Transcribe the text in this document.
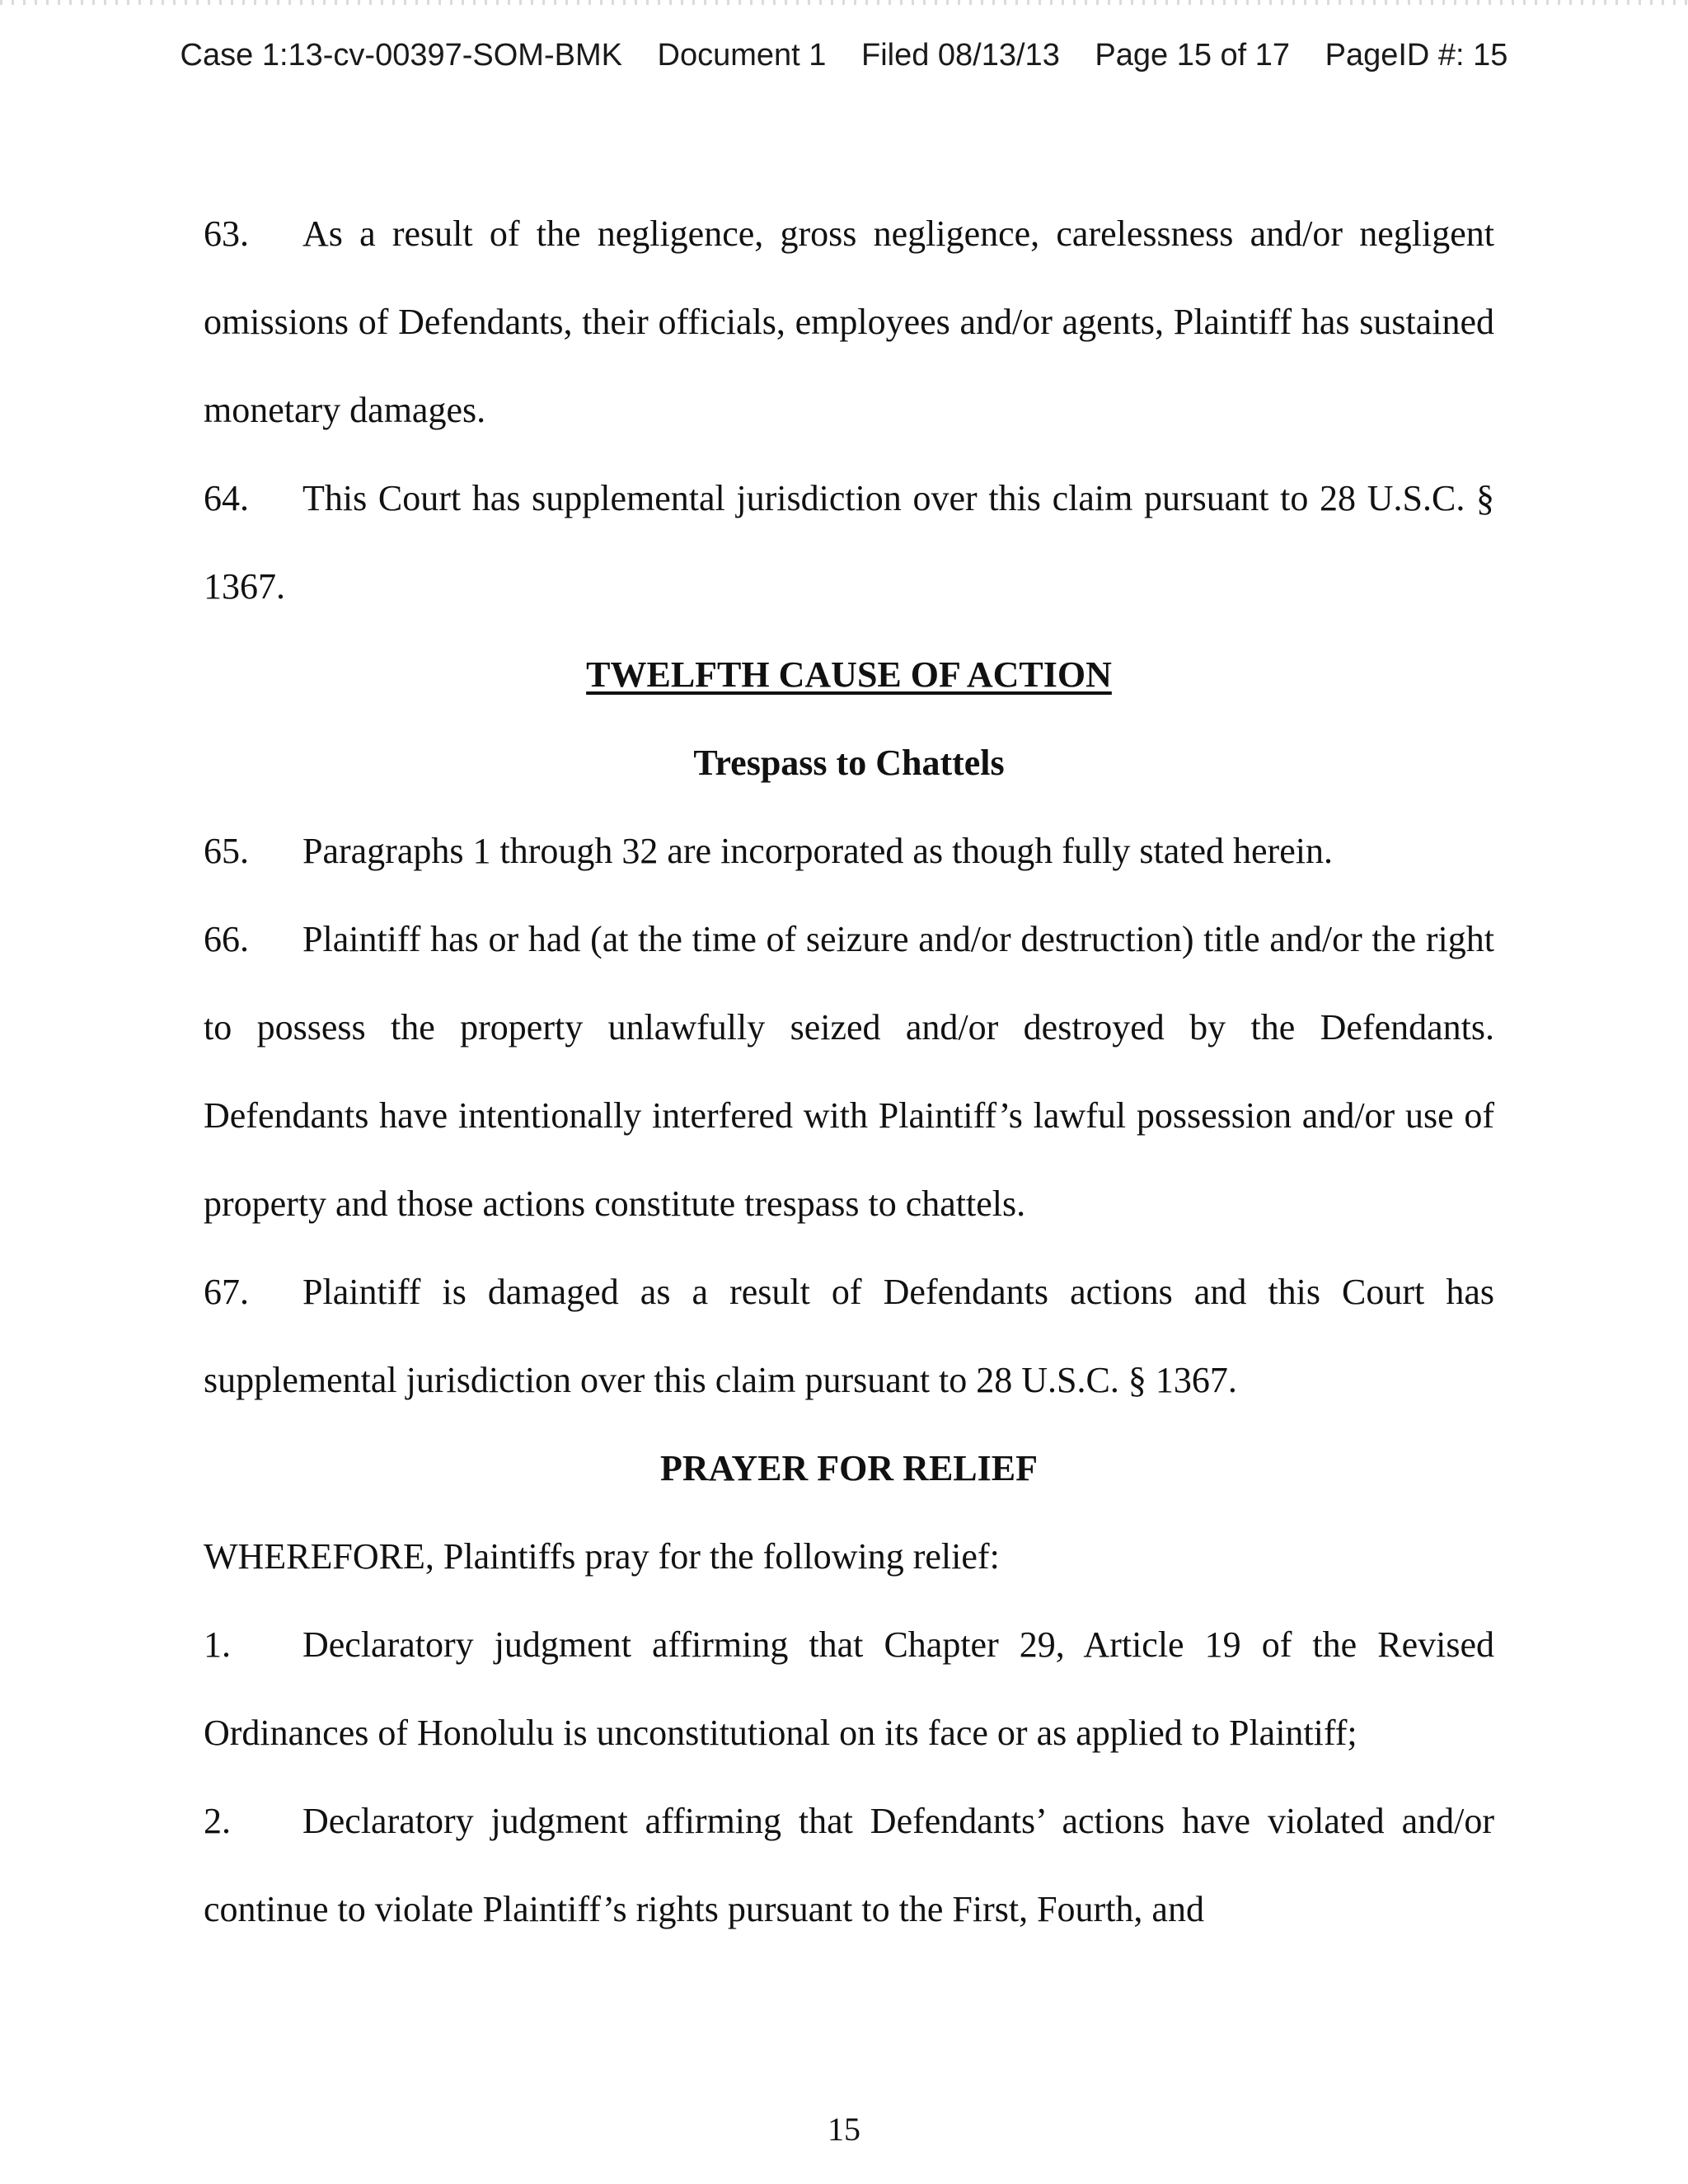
Case 1:13-cv-00397-SOM-BMK Document 1 Filed 08/13/13 Page 15 of 17 PageID #: 15

63. As a result of the negligence, gross negligence, carelessness and/or negligent omissions of Defendants, their officials, employees and/or agents, Plaintiff has sustained monetary damages.

64. This Court has supplemental jurisdiction over this claim pursuant to 28 U.S.C. § 1367.

TWELFTH CAUSE OF ACTION

Trespass to Chattels

65. Paragraphs 1 through 32 are incorporated as though fully stated herein.

66. Plaintiff has or had (at the time of seizure and/or destruction) title and/or the right to possess the property unlawfully seized and/or destroyed by the Defendants. Defendants have intentionally interfered with Plaintiff’s lawful possession and/or use of property and those actions constitute trespass to chattels.

67. Plaintiff is damaged as a result of Defendants actions and this Court has supplemental jurisdiction over this claim pursuant to 28 U.S.C. § 1367.

PRAYER FOR RELIEF

WHEREFORE, Plaintiffs pray for the following relief:

1. Declaratory judgment affirming that Chapter 29, Article 19 of the Revised Ordinances of Honolulu is unconstitutional on its face or as applied to Plaintiff;

2. Declaratory judgment affirming that Defendants’ actions have violated and/or continue to violate Plaintiff’s rights pursuant to the First, Fourth, and

15
